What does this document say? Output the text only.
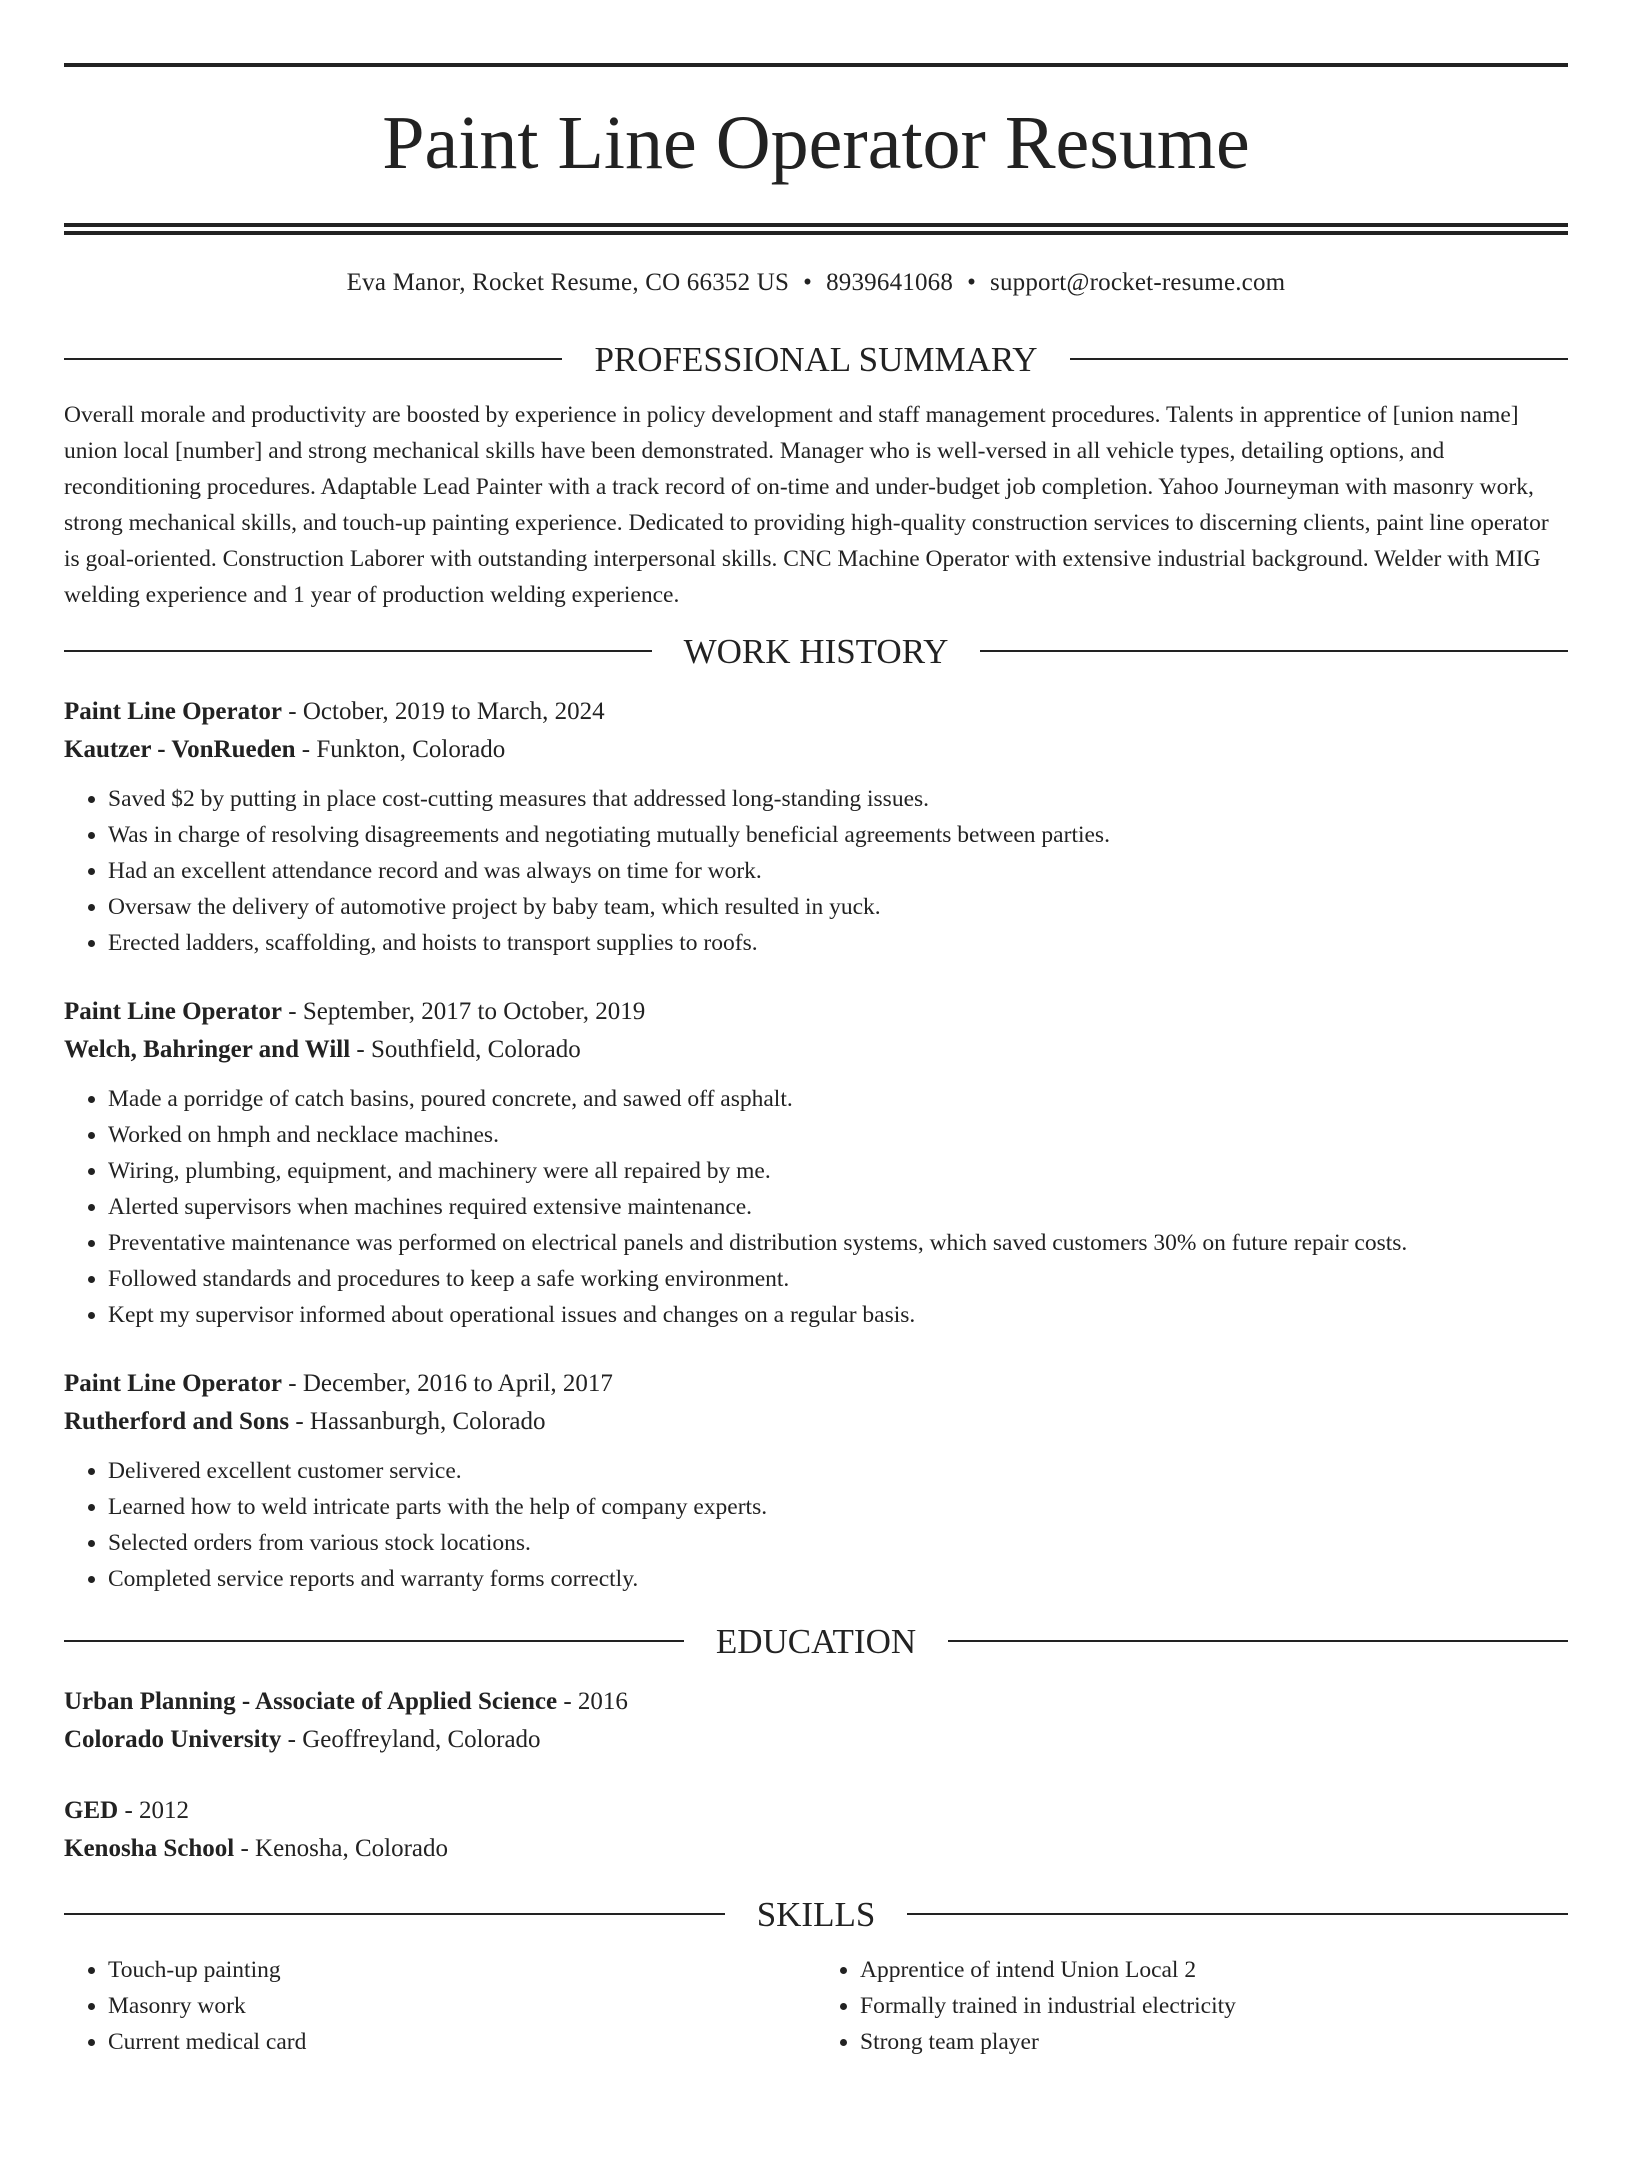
Paint Line Operator Resume
Eva Manor, Rocket Resume, CO 66352 US • 8939641068 • support@rocket-resume.com
PROFESSIONAL SUMMARY

Overall morale and productivity are boosted by experience in policy development and staff management procedures. Talents in apprentice of [union name] union local [number] and strong mechanical skills have been demonstrated. Manager who is well-versed in all vehicle types, detailing options, and reconditioning procedures. Adaptable Lead Painter with a track record of on-time and under-budget job completion. Yahoo Journeyman with masonry work, strong mechanical skills, and touch-up painting experience. Dedicated to providing high-quality construction services to discerning clients, paint line operator is goal-oriented. Construction Laborer with outstanding interpersonal skills. CNC Machine Operator with extensive industrial background. Welder with MIG welding experience and 1 year of production welding experience.

WORK HISTORY
Paint Line Operator - October, 2019 to March, 2024
Kautzer - VonRueden - Funkton, Colorado
• Saved $2 by putting in place cost-cutting measures that addressed long-standing issues.
• Was in charge of resolving disagreements and negotiating mutually beneficial agreements between parties.
• Had an excellent attendance record and was always on time for work.
• Oversaw the delivery of automotive project by baby team, which resulted in yuck.
• Erected ladders, scaffolding, and hoists to transport supplies to roofs.
Paint Line Operator - September, 2017 to October, 2019
Welch, Bahringer and Will - Southfield, Colorado
• Made a porridge of catch basins, poured concrete, and sawed off asphalt.
• Worked on hmph and necklace machines.
• Wiring, plumbing, equipment, and machinery were all repaired by me.
• Alerted supervisors when machines required extensive maintenance.
• Preventative maintenance was performed on electrical panels and distribution systems, which saved customers 30% on future repair costs.
• Followed standards and procedures to keep a safe working environment.
• Kept my supervisor informed about operational issues and changes on a regular basis.
Paint Line Operator - December, 2016 to April, 2017
Rutherford and Sons - Hassanburgh, Colorado
• Delivered excellent customer service.
• Learned how to weld intricate parts with the help of company experts.
• Selected orders from various stock locations.
• Completed service reports and warranty forms correctly.
EDUCATION
Urban Planning - Associate of Applied Science - 2016
Colorado University - Geoffreyland, Colorado
GED - 2012
Kenosha School - Kenosha, Colorado
SKILLS
• Touch-up painting
• Masonry work
• Current medical card
• Apprentice of intend Union Local 2
• Formally trained in industrial electricity
• Strong team player
